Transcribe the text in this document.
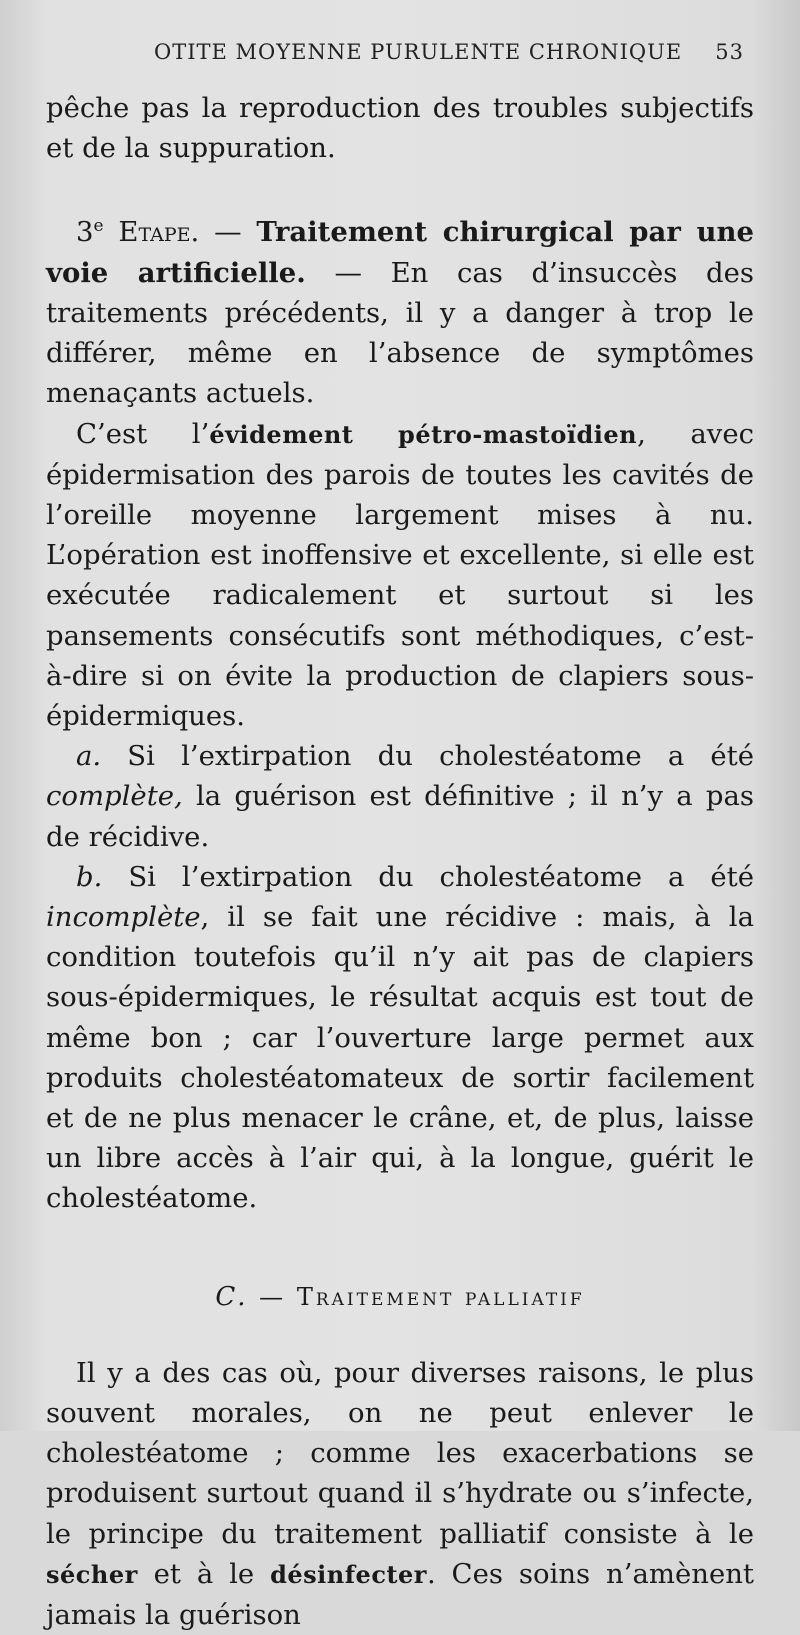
OTITE MOYENNE PURULENTE CHRONIQUE 53

pêche pas la reproduction des troubles subjectifs et de la suppuration.

3e Etape. — Traitement chirurgical par une voie artificielle. — En cas d’insuccès des traitements précédents, il y a danger à trop le différer, même en l’absence de symptômes menaçants actuels.

C’est l’évidement pétro-mastoïdien, avec épidermisation des parois de toutes les cavités de l’oreille moyenne largement mises à nu. L’opération est inoffensive et excellente, si elle est exécutée radicalement et surtout si les pansements consécutifs sont méthodiques, c’est-à-dire si on évite la production de clapiers sous-épidermiques.

a. Si l’extirpation du cholestéatome a été complète, la guérison est définitive ; il n’y a pas de récidive.

b. Si l’extirpation du cholestéatome a été incomplète, il se fait une récidive : mais, à la condition toutefois qu’il n’y ait pas de clapiers sous-épidermiques, le résultat acquis est tout de même bon ; car l’ouverture large permet aux produits cholestéatomateux de sortir facilement et de ne plus menacer le crâne, et, de plus, laisse un libre accès à l’air qui, à la longue, guérit le cholestéatome.

C. — Traitement palliatif

Il y a des cas où, pour diverses raisons, le plus souvent morales, on ne peut enlever le cholestéatome ; comme les exacerbations se produisent surtout quand il s’hydrate ou s’infecte, le principe du traitement palliatif consiste à le sécher et à le désinfecter. Ces soins n’amènent jamais la guérison
